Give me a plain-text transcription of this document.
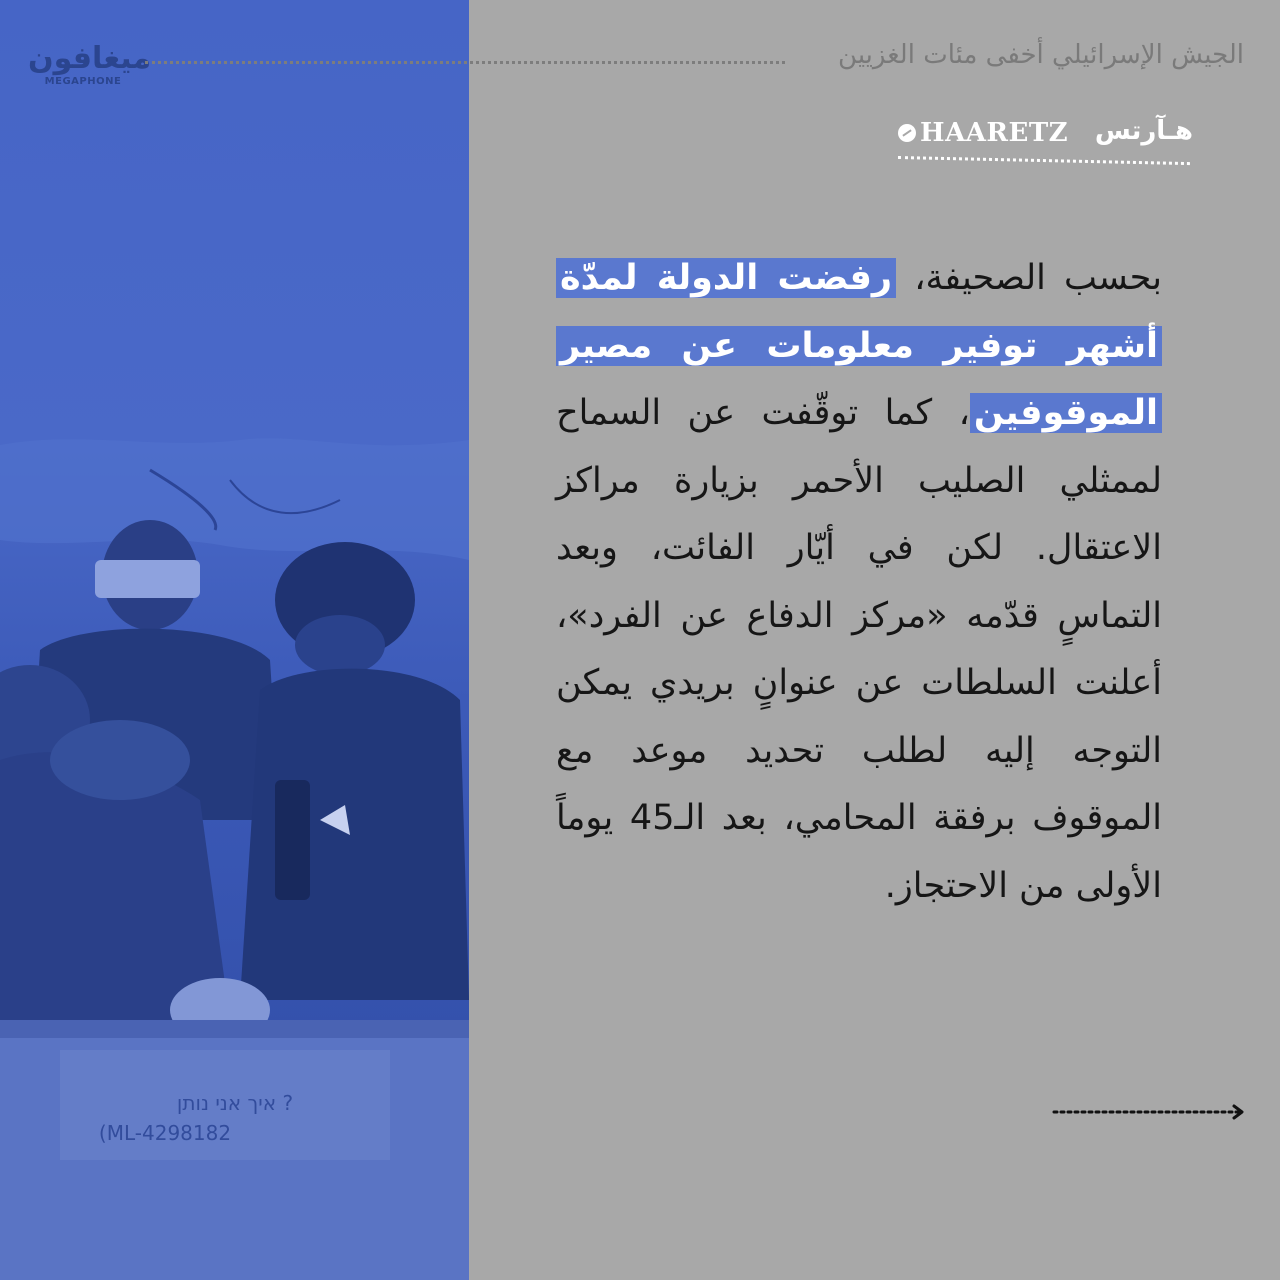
איך אני נותן ?
(ML-4298182
ميغافون
MEGAPHONE
الجيش الإسرائيلي أخفى مئات الغزيين
HAARETZ هـآرتس
بحسب الصحيفة، رفضت الدولة لمدّة أشهر توفير معلومات عن مصير الموقوفين، كما توقّفت عن السماح لممثلي الصليب الأحمر بزيارة مراكز الاعتقال. لكن في أيّار الفائت، وبعد التماسٍ قدّمه «مركز الدفاع عن الفرد»، أعلنت السلطات عن عنوانٍ بريدي يمكن التوجه إليه لطلب تحديد موعد مع الموقوف برفقة المحامي، بعد الـ45 يوماً الأولى من الاحتجاز.
